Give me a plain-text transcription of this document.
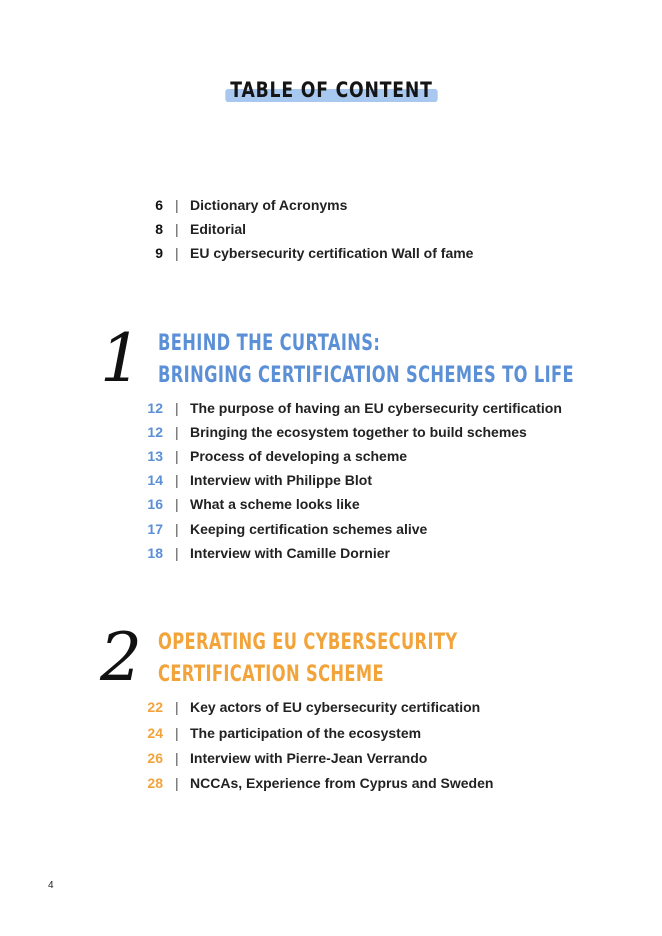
TABLE OF CONTENT
6 | Dictionary of Acronyms
8 | Editorial
9 | EU cybersecurity certification Wall of fame
1 BEHIND THE CURTAINS:
BRINGING CERTIFICATION SCHEMES TO LIFE
12 | The purpose of having an EU cybersecurity certification
12 | Bringing the ecosystem together to build schemes
13 | Process of developing a scheme
14 | Interview with Philippe Blot
16 | What a scheme looks like
17 | Keeping certification schemes alive
18 | Interview with Camille Dornier
2 OPERATING EU CYBERSECURITY
CERTIFICATION SCHEME
22 | Key actors of EU cybersecurity certification
24 | The participation of the ecosystem
26 | Interview with Pierre-Jean Verrando
28 | NCCAs, Experience from Cyprus and Sweden
4
